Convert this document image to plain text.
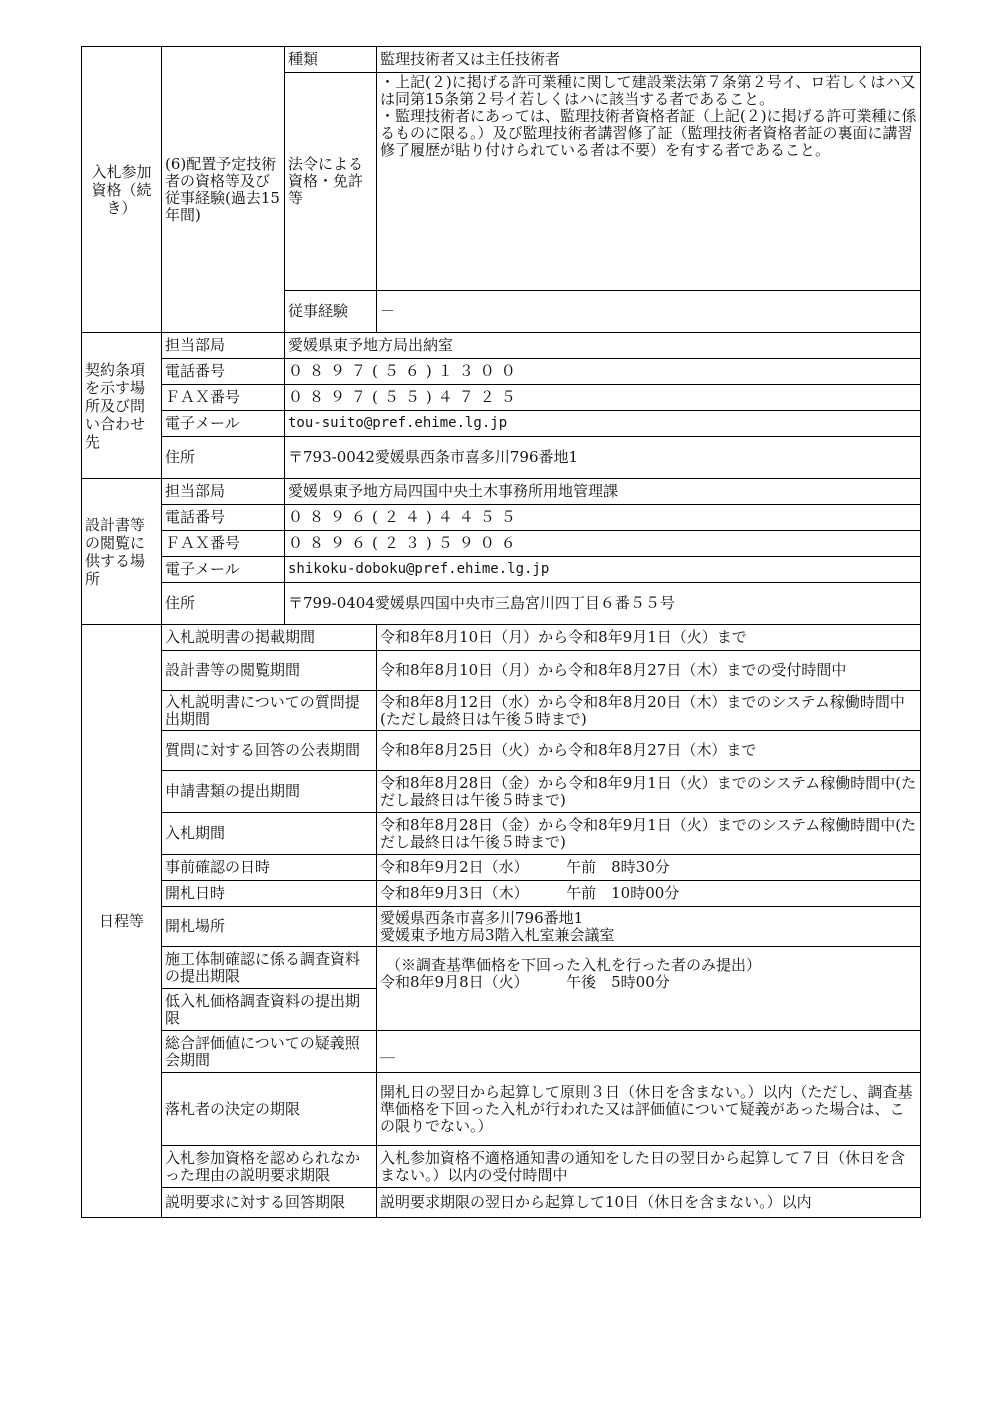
入札参加資格（続き）	(6)配置予定技術者の資格等及び従事経験(過去15年間)	種類	監理技術者又は主任技術者
		法令による資格・免許等	・上記(２)に掲げる許可業種に関して建設業法第７条第２号イ、ロ若しくはハ又は同第15条第２号イ若しくはハに該当する者であること。
・監理技術者にあっては、監理技術者資格者証（上記(２)に掲げる許可業種に係るものに限る。）及び監理技術者講習修了証（監理技術者資格者証の裏面に講習修了履歴が貼り付けられている者は不要）を有する者であること。

		従事経験	－
契約条項を示す場所及び問い合わせ先	担当部局	愛媛県東予地方局出納室	
	電話番号	０８９７(５６)１３００	
	ＦＡＸ番号	０８９７(５５)４７２５	
	電子メール	tou-suito@pref.ehime.lg.jp	
	住所	〒793-0042愛媛県西条市喜多川796番地1	
設計書等の閲覧に供する場所	担当部局	愛媛県東予地方局四国中央土木事務所用地管理課	
	電話番号	０８９６(２４)４４５５	
	ＦＡＸ番号	０８９６(２３)５９０６	
	電子メール	shikoku-doboku@pref.ehime.lg.jp	
	住所	〒799-0404愛媛県四国中央市三島宮川四丁目６番５５号	
日程等	入札説明書の掲載期間		令和8年8月10日（月）から令和8年9月1日（火）まで
	設計書等の閲覧期間		令和8年8月10日（月）から令和8年8月27日（木）までの受付時間中
	入札説明書についての質問提出期間		令和8年8月12日（水）から令和8年8月20日（木）までのシステム稼働時間中(ただし最終日は午後５時まで)
	質問に対する回答の公表期間		令和8年8月25日（火）から令和8年8月27日（木）まで
	申請書類の提出期間		令和8年8月28日（金）から令和8年9月1日（火）までのシステム稼働時間中(ただし最終日は午後５時まで)
	入札期間		令和8年8月28日（金）から令和8年9月1日（火）までのシステム稼働時間中(ただし最終日は午後５時まで)
	事前確認の日時		令和8年9月2日（水）　　　午前　8時30分
	開札日時		令和8年9月3日（木）　　　午前　10時00分
	開札場所		愛媛県西条市喜多川796番地1
愛媛東予地方局3階入札室兼会議室

	施工体制確認に係る調査資料の提出期限		（※調査基準価格を下回った入札を行った者のみ提出）
令和8年9月8日（火）　　　午後　5時00分

	低入札価格調査資料の提出期限		
	総合評価値についての疑義照会期間		＿
	落札者の決定の期限		開札日の翌日から起算して原則３日（休日を含まない。）以内（ただし、調査基準価格を下回った入札が行われた又は評価値について疑義があった場合は、この限りでない。）
	入札参加資格を認められなかった理由の説明要求期限		入札参加資格不適格通知書の通知をした日の翌日から起算して７日（休日を含まない。）以内の受付時間中
	説明要求に対する回答期限		説明要求期限の翌日から起算して10日（休日を含まない。）以内
